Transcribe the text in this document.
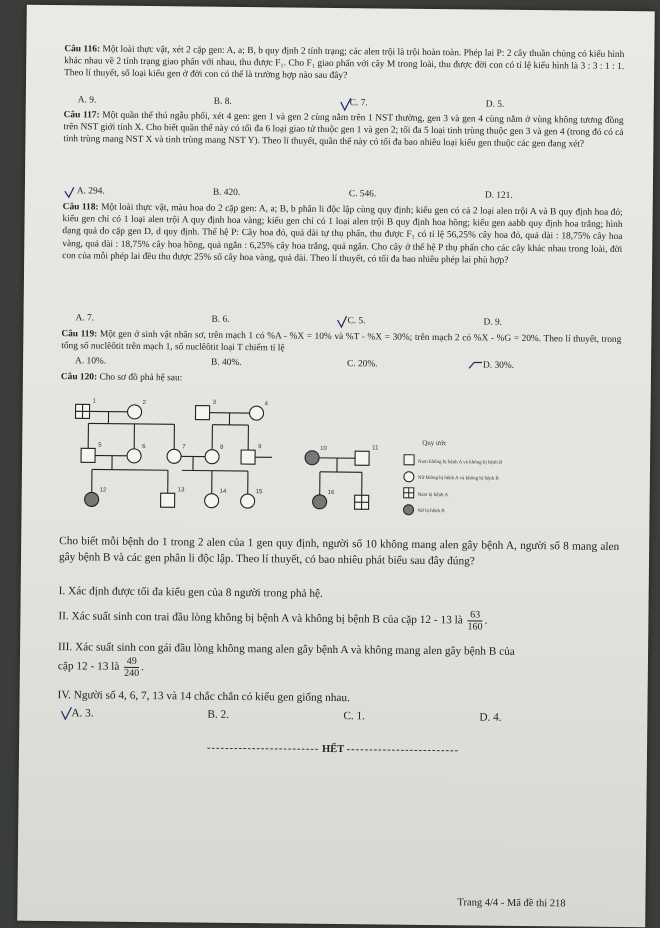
Câu 116: Một loài thực vật, xét 2 cặp gen: A, a; B, b quy định 2 tính trạng; các alen trội là trội hoàn toàn. Phép lai P: 2 cây thuần chủng có kiểu hình khác nhau về 2 tính trạng giao phấn với nhau, thu được F₁. Cho F₁ giao phấn với cây M trong loài, thu được đời con có tỉ lệ kiểu hình là 3 : 3 : 1 : 1. Theo lí thuyết, số loại kiểu gen ở đời con có thể là trường hợp nào sau đây?
A. 9.	B. 8.	C. 7.	D. 5.
Câu 117: Một quần thể thú ngẫu phối, xét 4 gen: gen 1 và gen 2 cùng nằm trên 1 NST thường, gen 3 và gen 4 cùng nằm ở vùng không tương đồng trên NST giới tính X. Cho biết quần thể này có tối đa 6 loại giao tử thuộc gen 1 và gen 2; tối đa 5 loại tinh trùng thuộc gen 3 và gen 4 (trong đó có cả tinh trùng mang NST X và tinh trùng mang NST Y). Theo lí thuyết, quần thể này có tối đa bao nhiêu loại kiểu gen thuộc các gen đang xét?
A. 294.	B. 420.	C. 546.	D. 121.
Câu 118: Một loài thực vật, màu hoa do 2 cặp gen: A, a; B, b phân li độc lập cùng quy định; kiểu gen có cả 2 loại alen trội A và B quy định hoa đỏ; kiểu gen chỉ có 1 loại alen trội A quy định hoa vàng; kiểu gen chỉ có 1 loại alen trội B quy định hoa hồng; kiểu gen aabb quy định hoa trắng; hình dạng quả do cặp gen D, d quy định. Thế hệ P: Cây hoa đỏ, quả dài tự thụ phấn, thu được F₁ có tỉ lệ 56,25% cây hoa đỏ, quả dài : 18,75% cây hoa vàng, quả dài : 18,75% cây hoa hồng, quả ngắn : 6,25% cây hoa trắng, quả ngắn. Cho cây ở thế hệ P thụ phấn cho các cây khác nhau trong loài, đời con của mỗi phép lai đều thu được 25% số cây hoa vàng, quả dài. Theo lí thuyết, có tối đa bao nhiêu phép lai phù hợp?
A. 7.	B. 6.	C. 5.	D. 9.
Câu 119: Một gen ở sinh vật nhân sơ, trên mạch 1 có %A - %X = 10% và %T - %X = 30%; trên mạch 2 có %X - %G = 20%. Theo lí thuyết, trong tổng số nuclêôtit trên mạch 1, số nuclêôtit loại T chiếm tỉ lệ
A. 10%.	B. 40%.	C. 20%.	D. 30%.
Câu 120: Cho sơ đồ phả hệ sau:
1	2	3	4
5	6	7	8	9	10	11
12	13	14	15	16
Quy ước
Nam không bị bệnh A và không bị bệnh B
Nữ không bị bệnh A và không bị bệnh B
Nam bị bệnh A
Nữ bị bệnh B
Cho biết mỗi bệnh do 1 trong 2 alen của 1 gen quy định, người số 10 không mang alen gây bệnh A, người số 8 mang alen gây bệnh B và các gen phân li độc lập. Theo lí thuyết, có bao nhiêu phát biểu sau đây đúng?
I. Xác định được tối đa kiểu gen của 8 người trong phả hệ.
II. Xác suất sinh con trai đầu lòng không bị bệnh A và không bị bệnh B của cặp 12 - 13 là $\frac{63}{160}$ .
III. Xác suất sinh con gái đầu lòng không mang alen gây bệnh A và không mang alen gây bệnh B của
cặp 12 - 13 là $\frac{49}{240}$ .
IV. Người số 4, 6, 7, 13 và 14 chắc chắn có kiểu gen giống nhau.
A. 3.	B. 2.	C. 1.	D. 4.
------------------------- HẾT -------------------------
Trang 4/4 - Mã đề thi 218
